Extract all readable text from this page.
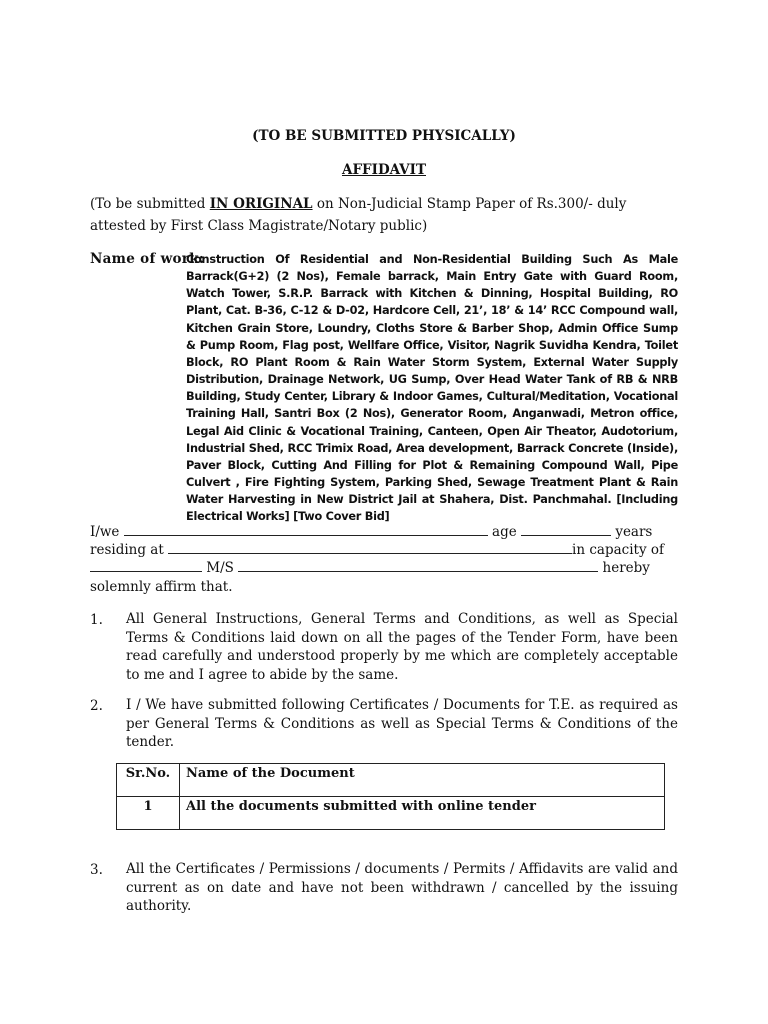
(TO BE SUBMITTED PHYSICALLY)
AFFIDAVIT
(To be submitted IN ORIGINAL on Non-Judicial Stamp Paper of Rs.300/- duly attested by First Class Magistrate/Notary public)
Name of work:
Construction Of Residential and Non-Residential Building Such As Male Barrack(G+2) (2 Nos), Female barrack, Main Entry Gate with Guard Room, Watch Tower, S.R.P. Barrack with Kitchen & Dinning, Hospital Building, RO Plant, Cat. B-36, C-12 & D-02, Hardcore Cell, 21’, 18’ & 14’ RCC Compound wall, Kitchen Grain Store, Loundry, Cloths Store & Barber Shop, Admin Office Sump & Pump Room, Flag post, Wellfare Office, Visitor, Nagrik Suvidha Kendra, Toilet Block, RO Plant Room & Rain Water Storm System, External Water Supply Distribution, Drainage Network, UG Sump, Over Head Water Tank of RB & NRB Building, Study Center, Library & Indoor Games, Cultural/Meditation, Vocational Training Hall, Santri Box (2 Nos), Generator Room, Anganwadi, Metron office, Legal Aid Clinic & Vocational Training, Canteen, Open Air Theator, Audotorium, Industrial Shed, RCC Trimix Road, Area development, Barrack Concrete (Inside), Paver Block, Cutting And Filling for Plot & Remaining Compound Wall, Pipe Culvert , Fire Fighting System, Parking Shed, Sewage Treatment Plant & Rain Water Harvesting in New District Jail at Shahera, Dist. Panchmahal. [Including Electrical Works] [Two Cover Bid]
I/we	age	years
residing at	in capacity of
M/S	hereby
solemnly affirm that.
1. All General Instructions, General Terms and Conditions, as well as Special Terms & Conditions laid down on all the pages of the Tender Form, have been read carefully and understood properly by me which are completely acceptable to me and I agree to abide by the same.
2. I / We have submitted following Certificates / Documents for T.E. as required as per General Terms & Conditions as well as Special Terms & Conditions of the tender.
Sr.No.	Name of the Document
1	All the documents submitted with online tender
3. All the Certificates / Permissions / documents / Permits / Affidavits are valid and current as on date and have not been withdrawn / cancelled by the issuing authority.
